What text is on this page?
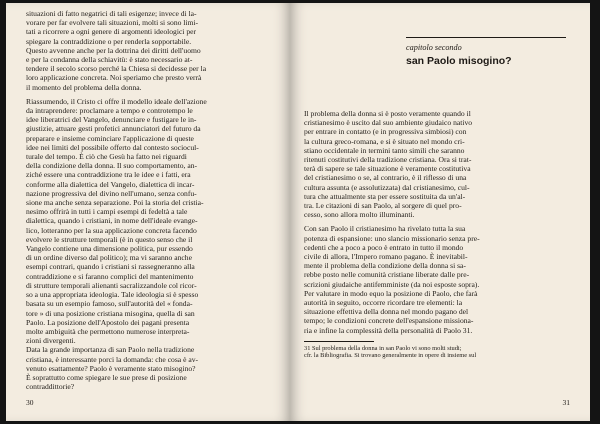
situazioni di fatto negatrici di tali esigenze; invece di la-
vorare per far evolvere tali situazioni, molti si sono limi-
tati a ricorrere a ogni genere di argomenti ideologici per
spiegare la contraddizione o per renderla sopportabile.
Questo avvenne anche per la dottrina dei diritti dell'uomo
e per la condanna della schiavitù: è stato necessario at-
tendere il secolo scorso perché la Chiesa si decidesse per la
loro applicazione concreta. Noi speriamo che presto verrà
il momento del problema della donna.

Riassumendo, il Cristo ci offre il modello ideale dell'azione
da intraprendere: proclamare a tempo e controtempo le
idee liberatrici del Vangelo, denunciare e fustigare le in-
giustizie, attuare gesti profetici annunciatori del futuro da
preparare e insieme cominciare l'applicazione di queste
idee nei limiti del possibile offerto dal contesto sociocul-
turale del tempo. È ciò che Gesù ha fatto nei riguardi
della condizione della donna. Il suo comportamento, an-
ziché essere una contraddizione tra le idee e i fatti, era
conforme alla dialettica del Vangelo, dialettica di incar-
nazione progressiva del divino nell'umano, senza confu-
sione ma anche senza separazione. Poi la storia del cristia-
nesimo offrirà in tutti i campi esempi di fedeltà a tale
dialettica, quando i cristiani, in nome dell'ideale evange-
lico, lotteranno per la sua applicazione concreta facendo
evolvere le strutture temporali (è in questo senso che il
Vangelo contiene una dimensione politica, pur essendo
di un ordine diverso dal politico); ma vi saranno anche
esempi contrari, quando i cristiani si rassegneranno alla
contraddizione e si faranno complici del mantenimento
di strutture temporali alienanti sacralizzandole col ricor-
so a una appropriata ideologia. Tale ideologia si è spesso
basata su un esempio famoso, sull'autorità del « fonda-
tore » di una posizione cristiana misogina, quella di san
Paolo. La posizione dell'Apostolo dei pagani presenta
molte ambiguità che permettono numerose interpreta-
zioni divergenti.
Data la grande importanza di san Paolo nella tradizione
cristiana, è interessante porci la domanda: che cosa è av-
venuto esattamente? Paolo è veramente stato misogino?
È soprattutto come spiegare le sue prese di posizione
contraddittorie?

30
capitolo secondo
san Paolo misogino?

Il problema della donna si è posto veramente quando il
cristianesimo è uscito dal suo ambiente giudaico nativo
per entrare in contatto (e in progressiva simbiosi) con
la cultura greco-romana, e si è situato nel mondo cri-
stiano occidentale in termini tanto simili che saranno
ritenuti costitutivi della tradizione cristiana. Ora si trat-
terà di sapere se tale situazione è veramente costitutiva
del cristianesimo o se, al contrario, è il riflesso di una
cultura assunta (e assolutizzata) dal cristianesimo, cul-
tura che attualmente sta per essere sostituita da un'al-
tra. Le citazioni di san Paolo, al sorgere di quel pro-
cesso, sono allora molto illuminanti.

Con san Paolo il cristianesimo ha rivelato tutta la sua
potenza di espansione: uno slancio missionario senza pre-
cedenti che a poco a poco è entrato in tutto il mondo
civile di allora, l'Impero romano pagano. È inevitabil-
mente il problema della condizione della donna si sa-
rebbe posto nelle comunità cristiane liberate dalle pre-
scrizioni giudaiche antifemministe (da noi esposte sopra).
Per valutare in modo equo la posizione di Paolo, che farà
autorità in seguito, occorre ricordare tre elementi: la
situazione effettiva della donna nel mondo pagano del
tempo; le condizioni concrete dell'espansione missiona-
ria e infine la complessità della personalità di Paolo 31.

31 Sul problema della donna in san Paolo vi sono molti studi;
cfr. la Bibliografia. Si trovano generalmente in opere di insieme sul

31
